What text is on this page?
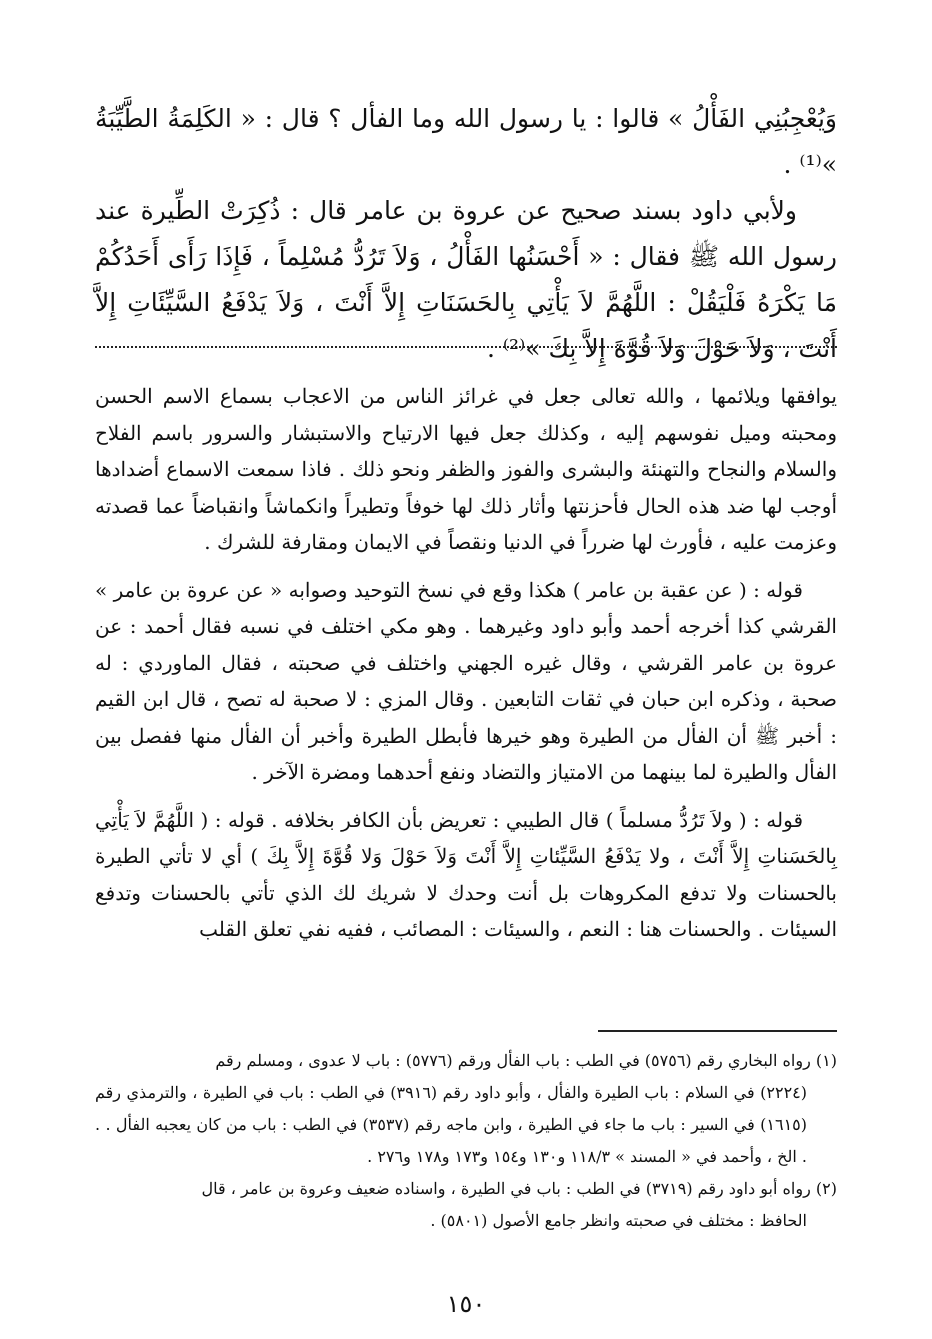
وَيُعْجِبُنِي الفَأْلُ » قالوا : يا رسول الله وما الفأل ؟ قال : « الكَلِمَةُ الطَّيِّبَةُ »⁽¹⁾ .

ولأبي داود بسند صحيح عن عروة بن عامر قال : ذُكِرَتْ الطِّيرة عند رسول الله ﷺ فقال : « أَحْسَنُها الفَأْلُ ، وَلاَ تَرُدُّ مُسْلِماً ، فَإِذَا رَأَى أَحَدُكُمْ مَا يَكْرَهُ فَلْيَقُلْ : اللَّهُمَّ لاَ يَأْتِي بِالحَسَنَاتِ إِلاَّ أَنْتَ ، وَلاَ يَدْفَعُ السَّيِّئَاتِ إِلاَّ أَنْتَ ، وَلاَ حَوْلَ وَلاَ قُوَّةَ إِلاَّ بِكَ »⁽²⁾ .

يوافقها ويلائمها ، والله تعالى جعل في غرائز الناس من الاعجاب بسماع الاسم الحسن ومحبته وميل نفوسهم إليه ، وكذلك جعل فيها الارتياح والاستبشار والسرور باسم الفلاح والسلام والنجاح والتهنئة والبشرى والفوز والظفر ونحو ذلك . فاذا سمعت الاسماع أضدادها أوجب لها ضد هذه الحال فأحزنتها وأثار ذلك لها خوفاً وتطيراً وانكماشاً وانقباضاً عما قصدته وعزمت عليه ، فأورث لها ضرراً في الدنيا ونقصاً في الايمان ومقارفة للشرك .

قوله : ( عن عقبة بن عامر ) هكذا وقع في نسخ التوحيد وصوابه « عن عروة بن عامر » القرشي كذا أخرجه أحمد وأبو داود وغيرهما . وهو مكي اختلف في نسبه فقال أحمد : عن عروة بن عامر القرشي ، وقال غيره الجهني واختلف في صحبته ، فقال الماوردي : له صحبة ، وذكره ابن حبان في ثقات التابعين . وقال المزي : لا صحبة له تصح ، قال ابن القيم : أخبر ﷺ أن الفأل من الطيرة وهو خيرها فأبطل الطيرة وأخبر أن الفأل منها ففصل بين الفأل والطيرة لما بينهما من الامتياز والتضاد ونفع أحدهما ومضرة الآخر .

قوله : ( ولاَ تَرُدُّ مسلماً ) قال الطيبي : تعريض بأن الكافر بخلافه . قوله : ( اللَّهُمَّ لاَ يَأْتِي بِالحَسَناتِ إِلاَّ أَنْتَ ، ولا يَدْفَعُ السَّيِّئاتِ إِلاَّ أَنْتَ وَلاَ حَوْلَ وَلا قُوَّةَ إِلاَّ بِكَ ) أي لا تأتي الطيرة بالحسنات ولا تدفع المكروهات بل أنت وحدك لا شريك لك الذي تأتي بالحسنات وتدفع السيئات . والحسنات هنا : النعم ، والسيئات : المصائب ، ففيه نفي تعلق القلب

(١) رواه البخاري رقم (٥٧٥٦) في الطب : باب الفأل ورقم (٥٧٧٦) : باب لا عدوى ، ومسلم رقم

(٢٢٢٤) في السلام : باب الطيرة والفأل ، وأبو داود رقم (٣٩١٦) في الطب : باب في الطيرة ، والترمذي رقم (١٦١٥) في السير : باب ما جاء في الطيرة ، وابن ماجه رقم (٣٥٣٧) في الطب : باب من كان يعجبه الفأل . . . الخ ، وأحمد في « المسند » ١١٨/٣ و١٣٠ و١٥٤ و١٧٣ و١٧٨ و٢٧٦ .

(٢) رواه أبو داود رقم (٣٧١٩) في الطب : باب في الطيرة ، واسناده ضعيف وعروة بن عامر ، قال

الحافظ : مختلف في صحبته وانظر جامع الأصول (٥٨٠١) .

١٥٠
